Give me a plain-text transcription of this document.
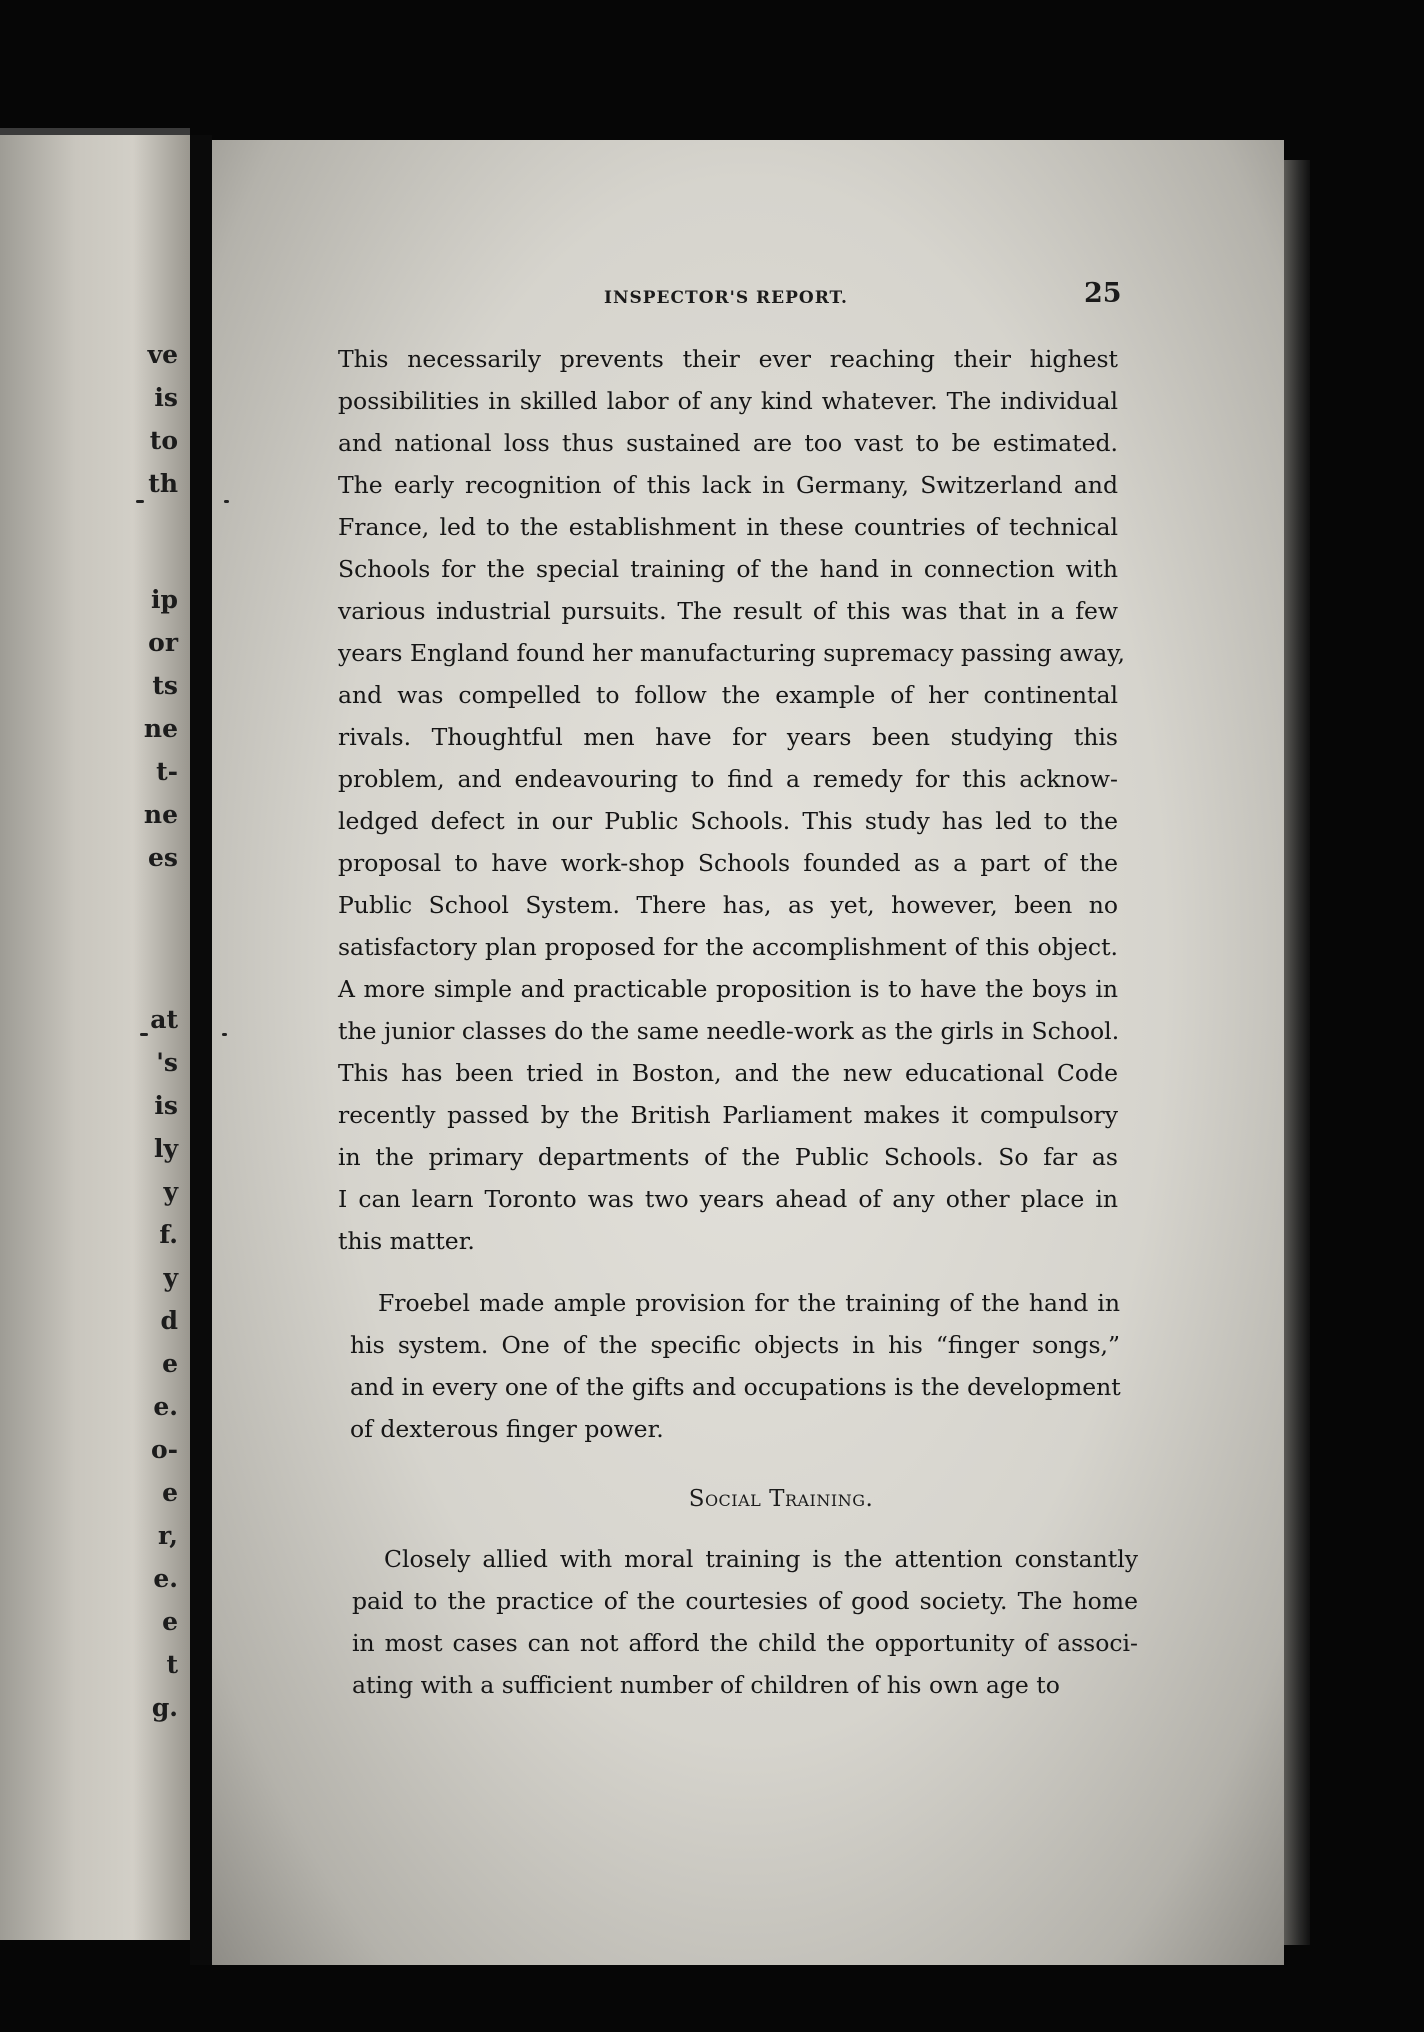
INSPECTOR'S REPORT.	25
This necessarily prevents their ever reaching their highest
possibilities in skilled labor of any kind whatever. The individual
and national loss thus sustained are too vast to be estimated.
The early recognition of this lack in Germany, Switzerland and
France, led to the establishment in these countries of technical
Schools for the special training of the hand in connection with
various industrial pursuits. The result of this was that in a few
years England found her manufacturing supremacy passing away,
and was compelled to follow the example of her continental
rivals. Thoughtful men have for years been studying this
problem, and endeavouring to find a remedy for this acknow-
ledged defect in our Public Schools. This study has led to the
proposal to have work-shop Schools founded as a part of the
Public School System. There has, as yet, however, been no
satisfactory plan proposed for the accomplishment of this object.
A more simple and practicable proposition is to have the boys in
the junior classes do the same needle-work as the girls in School.
This has been tried in Boston, and the new educational Code
recently passed by the British Parliament makes it compulsory
in the primary departments of the Public Schools. So far as
I can learn Toronto was two years ahead of any other place in
this matter.
Froebel made ample provision for the training of the hand in
his system. One of the specific objects in his “finger songs,”
and in every one of the gifts and occupations is the development
of dexterous finger power.
Social Training.
Closely allied with moral training is the attention constantly
paid to the practice of the courtesies of good society. The home
in most cases can not afford the child the opportunity of associ-
ating with a sufficient number of children of his own age to
ve
is
to
th
ip
or
ts
ne
t-
ne
es
at
's
is
ly
y
f.
y
d
e
e.
o-
e
r,
e.
e
t
g.
